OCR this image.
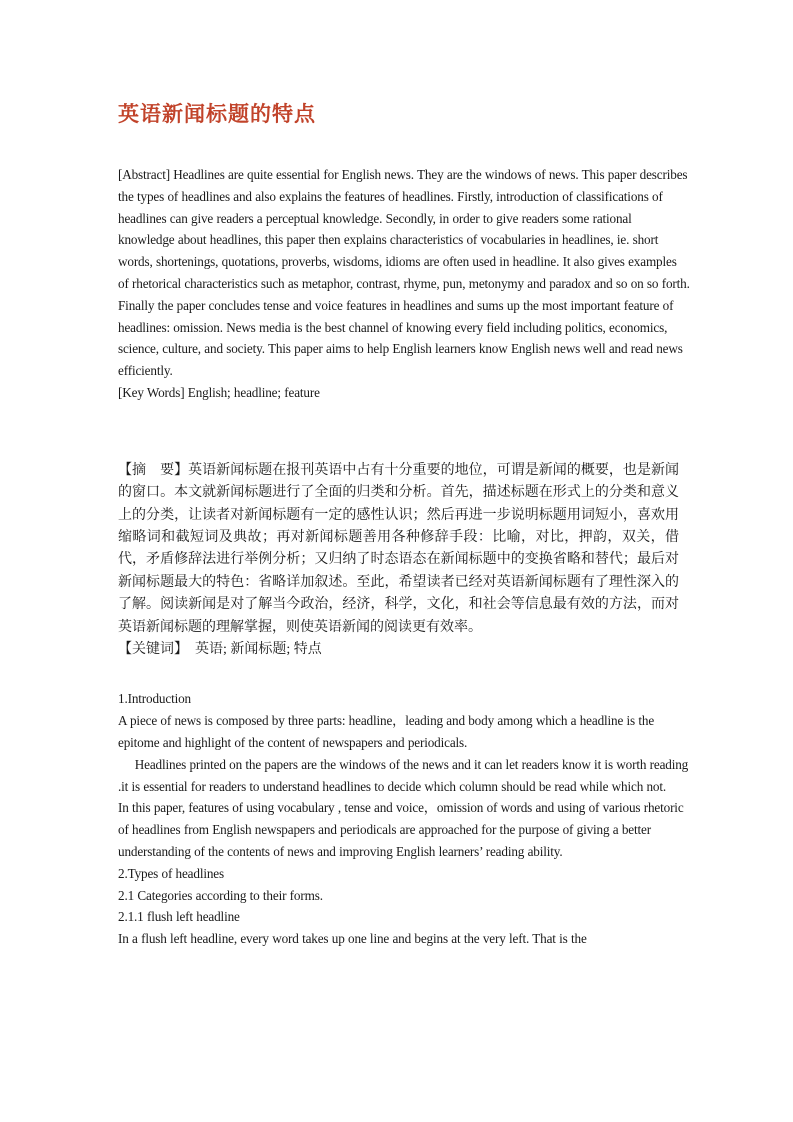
英语新闻标题的特点

[Abstract] Headlines are quite essential for English news. They are the windows of news. This paper describes the types of headlines and also explains the features of headlines. Firstly, introduction of classifications of headlines can give readers a perceptual knowledge. Secondly, in order to give readers some rational knowledge about headlines, this paper then explains characteristics of vocabularies in headlines, ie. short words, shortenings, quotations, proverbs, wisdoms, idioms are often used in headline. It also gives examples of rhetorical characteristics such as metaphor, contrast, rhyme, pun, metonymy and paradox and so on so forth. Finally the paper concludes tense and voice features in headlines and sums up the most important feature of headlines: omission. News media is the best channel of knowing every field including politics, economics, science, culture, and society. This paper aims to help English learners know English news well and read news efficiently.

[Key Words] English; headline; feature

【摘　要】英语新闻标题在报刊英语中占有十分重要的地位，可谓是新闻的概要，也是新闻的窗口。本文就新闻标题进行了全面的归类和分析。首先，描述标题在形式上的分类和意义上的分类，让读者对新闻标题有一定的感性认识；然后再进一步说明标题用词短小，喜欢用缩略词和截短词及典故；再对新闻标题善用各种修辞手段：比喻，对比，押韵，双关，借代，矛盾修辞法进行举例分析；又归纳了时态语态在新闻标题中的变换省略和替代；最后对新闻标题最大的特色：省略详加叙述。至此，希望读者已经对英语新闻标题有了理性深入的了解。阅读新闻是对了解当今政治，经济，科学，文化，和社会等信息最有效的方法，而对英语新闻标题的理解掌握，则使英语新闻的阅读更有效率。

【关键词】　英语; 新闻标题; 特点

1.Introduction

A piece of news is composed by three parts: headline，leading and body among which a headline is the epitome and highlight of the content of newspapers and periodicals.

Headlines printed on the papers are the windows of the news and it can let readers know it is worth reading .it is essential for readers to understand headlines to decide which column should be read while which not.

In this paper, features of using vocabulary , tense and voice，omission of words and using of various rhetoric of headlines from English newspapers and periodicals are approached for the purpose of giving a better understanding of the contents of news and improving English learners’ reading ability.

2.Types of headlines

2.1 Categories according to their forms.

2.1.1 flush left headline

In a flush left headline, every word takes up one line and begins at the very left. That is the
